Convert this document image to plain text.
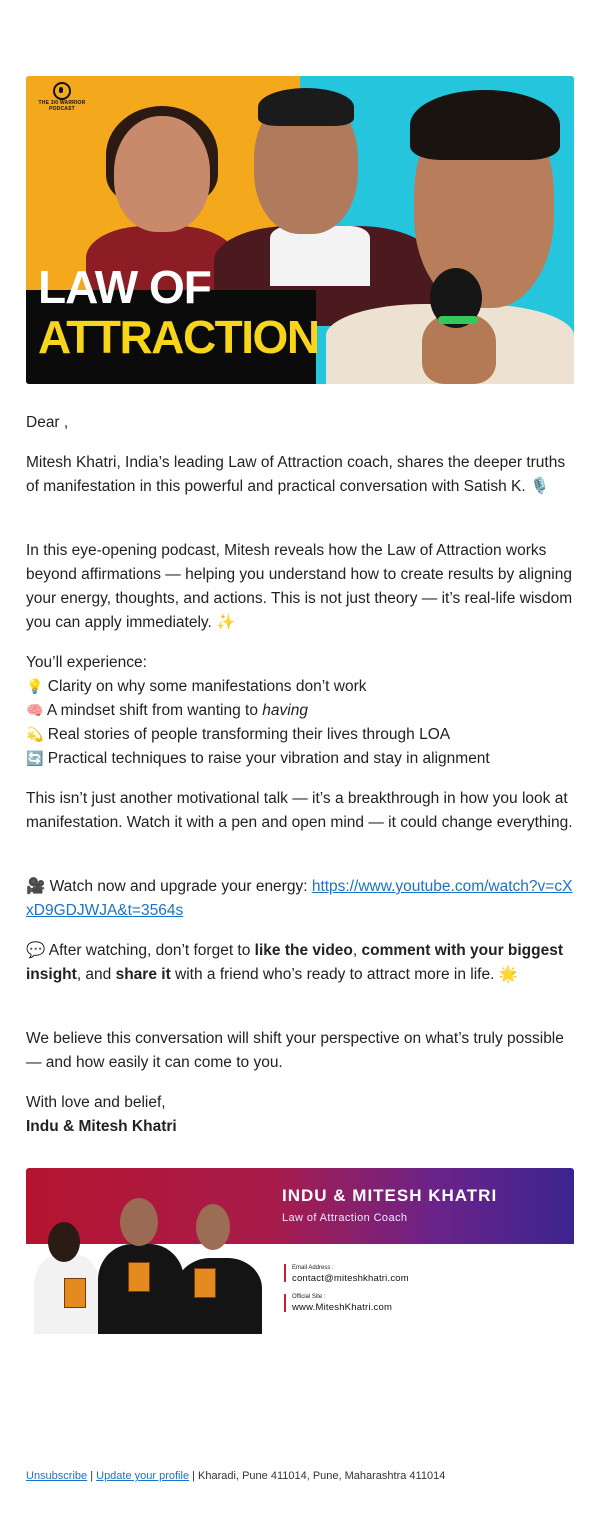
THE 3/0 WARRIOR PODCAST
LAW OF
ATTRACTION
Dear ,
Mitesh Khatri, India’s leading Law of Attraction coach, shares the deeper truths of manifestation in this powerful and practical conversation with Satish K. 🎙️
In this eye-opening podcast, Mitesh reveals how the Law of Attraction works beyond affirmations — helping you understand how to create results by aligning your energy, thoughts, and actions. This is not just theory — it’s real-life wisdom you can apply immediately. ✨

You’ll experience:

💡 Clarity on why some manifestations don’t work

🧠 A mindset shift from wanting to having

💫 Real stories of people transforming their lives through LOA

🔄 Practical techniques to raise your vibration and stay in alignment

This isn’t just another motivational talk — it’s a breakthrough in how you look at manifestation. Watch it with a pen and open mind — it could change everything.
🎥 Watch now and upgrade your energy: https://www.youtube.com/watch?v=cXxD9GDJWJA&t=3564s
💬 After watching, don’t forget to like the video, comment with your biggest insight, and share it with a friend who’s ready to attract more in life. 🌟
We believe this conversation will shift your perspective on what’s truly possible — and how easily it can come to you.

With love and belief,

Indu & Mitesh Khatri

INDU & MITESH KHATRI
Law of Attraction Coach
Email Address :
contact@miteshkhatri.com
Official Site :
www.MiteshKhatri.com
Unsubscribe | Update your profile | Kharadi, Pune 411014, Pune, Maharashtra 411014
